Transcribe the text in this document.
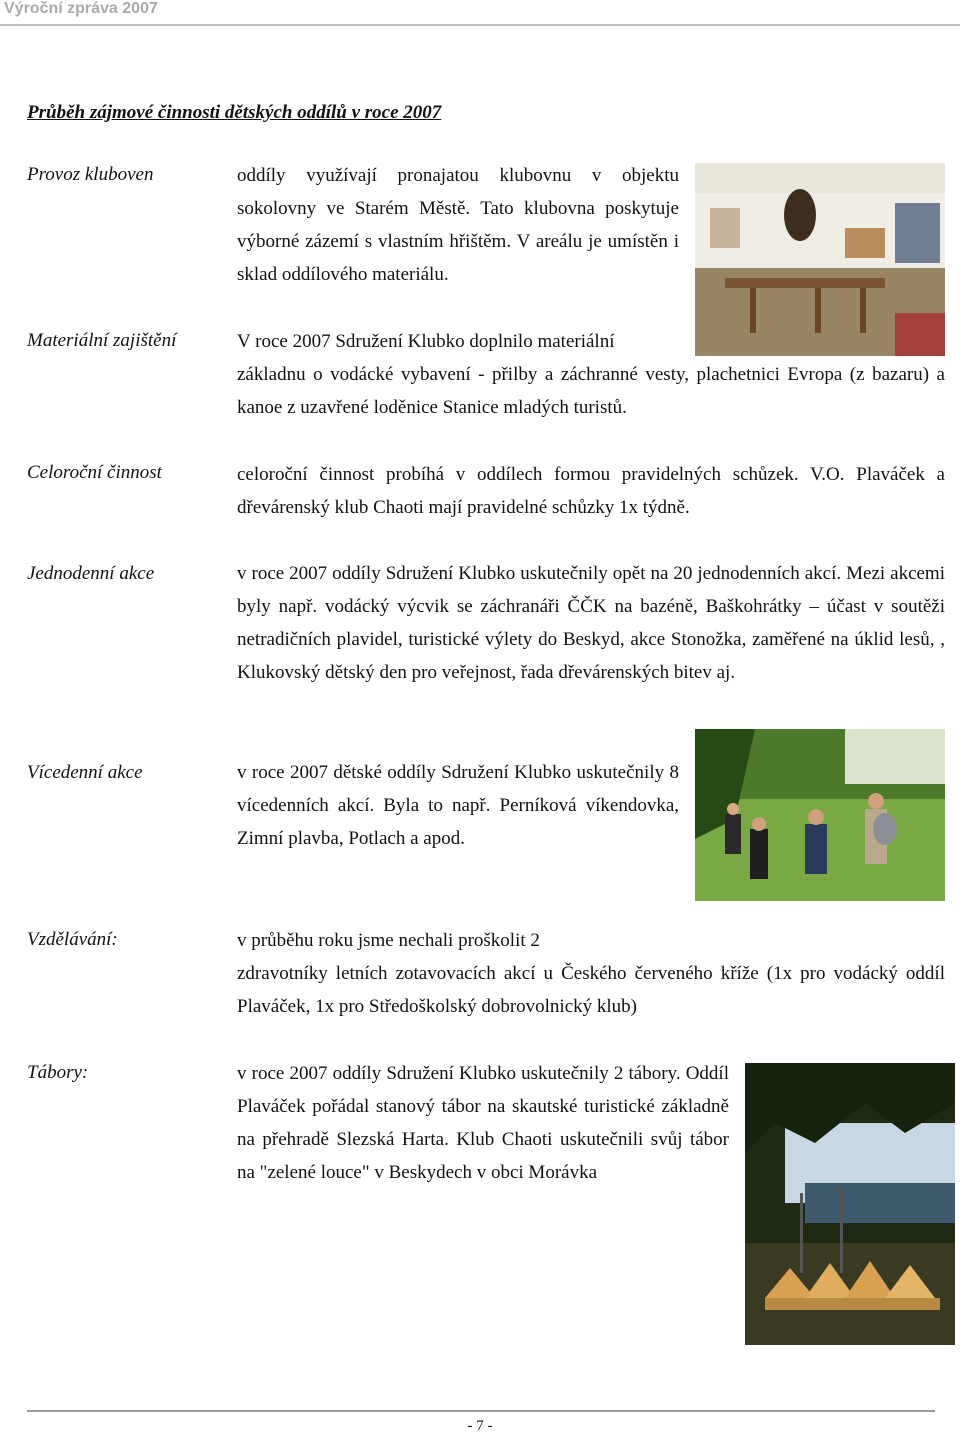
Výroční zpráva 2007
Průběh zájmové činnosti dětských oddílů v roce 2007
Provoz kluboven	oddíly využívají pronajatou klubovnu v objektu sokolovny ve Starém Městě. Tato klubovna poskytuje výborné zázemí s vlastním hřištěm. V areálu je umístěn i sklad oddílového materiálu.

Materiální zajištění	V roce 2007 Sdružení Klubko doplnilo materiální

základnu o vodácké vybavení - přilby a záchranné vesty, plachetnici Evropa (z bazaru) a kanoe z uzavřené loděnice Stanice mladých turistů.

Celoroční činnost	celoroční činnost probíhá v oddílech formou pravidelných schůzek. V.O. Plaváček a dřevárenský klub Chaoti mají pravidelné schůzky 1x týdně.

Jednodenní akce	v roce 2007 oddíly Sdružení Klubko uskutečnily opět na 20 jednodenních akcí. Mezi akcemi byly např. vodácký výcvik se záchranáři ČČK na bazéně, Baškohrátky – účast v soutěži netradičních plavidel, turistické výlety do Beskyd, akce Stonožka, zaměřené na úklid lesů, , Klukovský dětský den pro veřejnost, řada dřevárenských bitev aj.

Vícedenní akce	v roce 2007 dětské oddíly Sdružení Klubko uskutečnily 8 vícedenních akcí. Byla to např. Perníková víkendovka, Zimní plavba, Potlach a apod.

Vzdělávání:	v průběhu roku jsme nechali proškolit 2

zdravotníky letních zotavovacích akcí u Českého červeného kříže (1x pro vodácký oddíl Plaváček, 1x pro Středoškolský dobrovolnický klub)

Tábory:	v roce 2007 oddíly Sdružení Klubko uskutečnily 2 tábory. Oddíl Plaváček pořádal stanový tábor na skautské turistické základně na přehradě Slezská Harta. Klub Chaoti uskutečnili svůj tábor na "zelené louce" v Beskydech v obci Morávka

- 7 -
